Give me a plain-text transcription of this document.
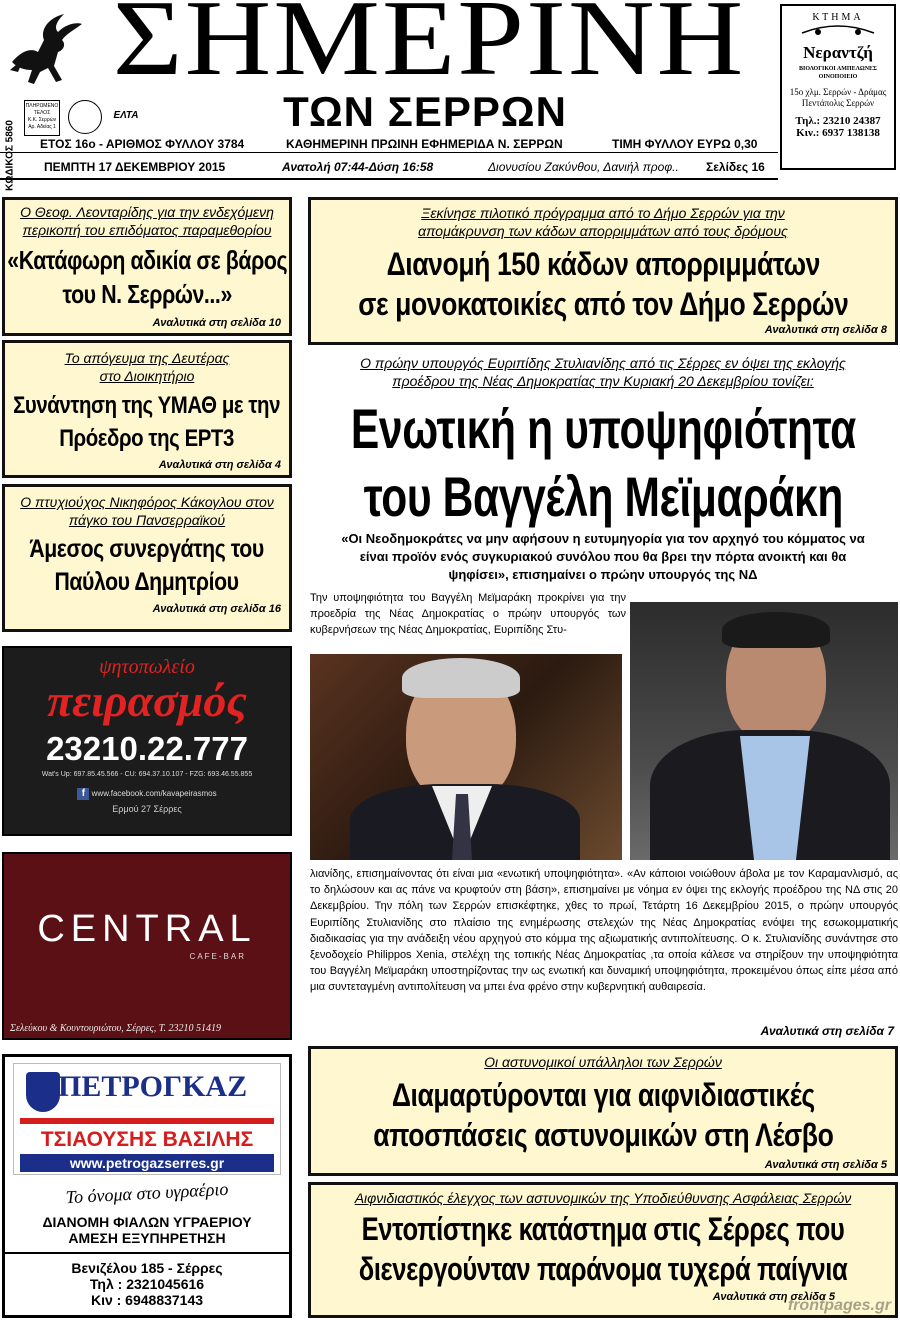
ΣΗΜΕΡΙΝΗ
ΤΩΝ ΣΕΡΡΩΝ
ΚΩΔΙΚΟΣ 5860
ΠΛΗΡΩΜΕΝΟ ΤΕΛΟΣ
Κ.Κ. Σερρών
Αρ. Αδείας 1
ΕΛΤΑ
ΕΤΟΣ 16ο - ΑΡΙΘΜΟΣ ΦΥΛΛΟΥ 3784	ΚΑΘΗΜΕΡΙΝΗ ΠΡΩΙΝΗ ΕΦΗΜΕΡΙΔΑ Ν. ΣΕΡΡΩΝ	ΤΙΜΗ ΦΥΛΛΟΥ ΕΥΡΩ 0,30
ΠΕΜΠΤΗ 17 ΔΕΚΕΜΒΡΙΟΥ 2015	Ανατολή 07:44-Δύση 16:58	Διονυσίου Ζακύνθου, Δανιήλ προφ.. Σελίδες 16
ΚΤΗΜΑ
Νεραντζή
ΒΙΟΛΟΓΙΚΟΙ ΑΜΠΕΛΩΝΕΣ ΟΙΝΟΠΟΙΕΙΟ
15ο χλμ. Σερρών - Δράμας Πεντάπολις Σερρών
Τηλ.: 23210 24387
Κιν.: 6937 138138
Ο Θεοφ. Λεονταρίδης για την ενδεχόμενη περικοπή του επιδόματος παραμεθορίου
«Κατάφωρη αδικία σε βάρος του Ν. Σερρών...»
Αναλυτικά στη σελίδα 10
Το απόγευμα της Δευτέρας στο Διοικητήριο
Συνάντηση της ΥΜΑΘ με την Πρόεδρο της ΕΡΤ3
Αναλυτικά στη σελίδα 4
Ο πτυχιούχος Νικηφόρος Κάκογλου στον πάγκο του Πανσερραϊκού
Άμεσος συνεργάτης του Παύλου Δημητρίου
Αναλυτικά στη σελίδα 16
ψητοπωλείο
πειρασμός
23210.22.777
Wat's Up: 697.85.45.566 - CU: 694.37.10.107 - FZG: 693.46.55.855
f www.facebook.com/kavapeirasmos
Ερμού 27 Σέρρες
CENTRAL
CAFE-BAR
Σελεύκου & Κουντουριώτου, Σέρρες, Τ. 23210 51419
ΠΕΤΡΟΓΚΑΖ
ΤΣΙΑΟΥΣΗΣ ΒΑΣΙΛΗΣ
www.petrogazserres.gr
Το όνομα στο υγραέριο
ΔΙΑΝΟΜΗ ΦΙΑΛΩΝ ΥΓΡΑΕΡΙΟΥ
ΑΜΕΣΗ ΕΞΥΠΗΡΕΤΗΣΗ
Βενιζέλου 185 - Σέρρες
Τηλ : 2321045616
Κιν : 6948837143
Ξεκίνησε πιλοτικό πρόγραμμα από το Δήμο Σερρών για την απομάκρυνση των κάδων απορριμμάτων από τους δρόμους
Διανομή 150 κάδων απορριμμάτων
σε μονοκατοικίες από τον Δήμο Σερρών
Αναλυτικά στη σελίδα 8
Ο πρώην υπουργός Ευριπίδης Στυλιανίδης από τις Σέρρες εν όψει της εκλογής προέδρου της Νέας Δημοκρατίας την Κυριακή 20 Δεκεμβρίου τονίζει:
Ενωτική η υποψηφιότητα
του Βαγγέλη Μεϊμαράκη
«Οι Νεοδημοκράτες να μην αφήσουν η ευτυμηγορία για τον αρχηγό του κόμματος να είναι προϊόν ενός συγκυριακού συνόλου που θα βρει την πόρτα ανοικτή και θα ψηφίσει», επισημαίνει ο πρώην υπουργός της ΝΔ
Την υποψηφιότητα του Βαγγέλη Μεϊμαράκη προκρίνει για την προεδρία της Νέας Δημοκρατίας ο πρώην υπουργός των κυβερνήσεων της Νέας Δημοκρατίας, Ευριπίδης Στυ-
λιανίδης, επισημαίνοντας ότι είναι μια «ενωτική υποψηφιότητα». «Αν κάποιοι νοιώθουν άβολα με τον Καραμανλισμό, ας το δηλώσουν και ας πάνε να κρυφτούν στη βάση», επισημαίνει με νόημα εν όψει της εκλογής προέδρου της ΝΔ στις 20 Δεκεμβρίου. Την πόλη των Σερρών επισκέφτηκε, χθες το πρωί, Τετάρτη 16 Δεκεμβρίου 2015, ο πρώην υπουργός Ευριπίδης Στυλιανίδης στο πλαίσιο της ενημέρωσης στελεχών της Νέας Δημοκρατίας ενόψει της εσωκομματικής διαδικασίας για την ανάδειξη νέου αρχηγού στο κόμμα της αξιωματικής αντιπολίτευσης. Ο κ. Στυλιανίδης συνάντησε στο ξενοδοχείο Philippos Xenia, στελέχη της τοπικής Νέας Δημοκρατίας ,τα οποία κάλεσε να στηρίξουν την υποψηφιότητα του Βαγγέλη Μεϊμαράκη υποστηρίζοντας την ως ενωτική και δυναμική υποψηφιότητα, προκειμένου όπως είπε μέσα από μια συντεταγμένη αντιπολίτευση να μπει ένα φρένο στην κυβερνητική αυθαιρεσία.
Αναλυτικά στη σελίδα 7
Οι αστυνομικοί υπάλληλοι των Σερρών
Διαμαρτύρονται για αιφνιδιαστικές
αποσπάσεις αστυνομικών στη Λέσβο
Αναλυτικά στη σελίδα 5
Αιφνιδιαστικός έλεγχος των αστυνομικών της Υποδιεύθυνσης Ασφάλειας Σερρών
Εντοπίστηκε κατάστημα στις Σέρρες που
διενεργούνταν παράνομα τυχερά παίγνια
Αναλυτικά στη σελίδα 5
frontpages.gr
